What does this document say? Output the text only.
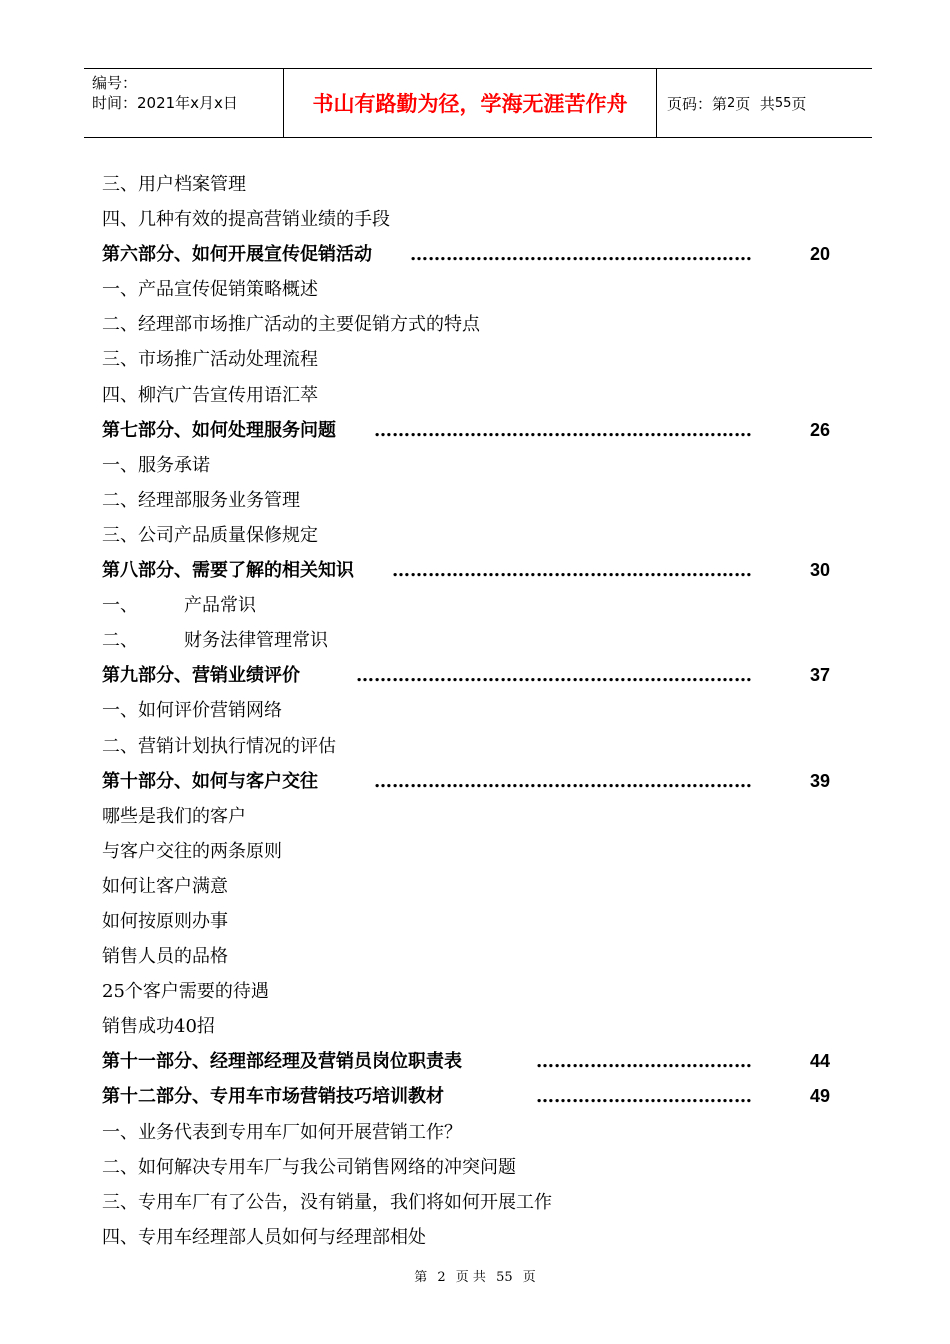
编号：
时间：2021年x月x日	书山有路勤为径，学海无涯苦作舟	页码：第 2 页  共 55 页
三、用户档案管理
四、几种有效的提高营销业绩的手段
第六部分、如何开展宣传促销活动 …………………………………………………	20
一、产品宣传促销策略概述
二、经理部市场推广活动的主要促销方式的特点
三、市场推广活动处理流程
四、柳汽广告宣传用语汇萃
第七部分、如何处理服务问题 ………………………………………………………	26
一、服务承诺
二、经理部服务业务管理
三、公司产品质量保修规定
第八部分、需要了解的相关知识 ……………………………………………………	30
一、	产品常识
二、	财务法律管理常识
第九部分、营销业绩评价	…………………………………………………………	37
一、如何评价营销网络
二、营销计划执行情况的评估
第十部分、如何与客户交往	………………………………………………………	39
哪些是我们的客户
与客户交往的两条原则
如何让客户满意
如何按原则办事
销售人员的品格
25个客户需要的待遇
销售成功40招
第十一部分、经理部经理及营销员岗位职责表	………………………………	44
第十二部分、专用车市场营销技巧培训教材	………………………………	49
一、业务代表到专用车厂如何开展营销工作？
二、如何解决专用车厂与我公司销售网络的冲突问题
三、专用车厂有了公告，没有销量，我们将如何开展工作
四、专用车经理部人员如何与经理部相处
第 2 页 共 55 页
